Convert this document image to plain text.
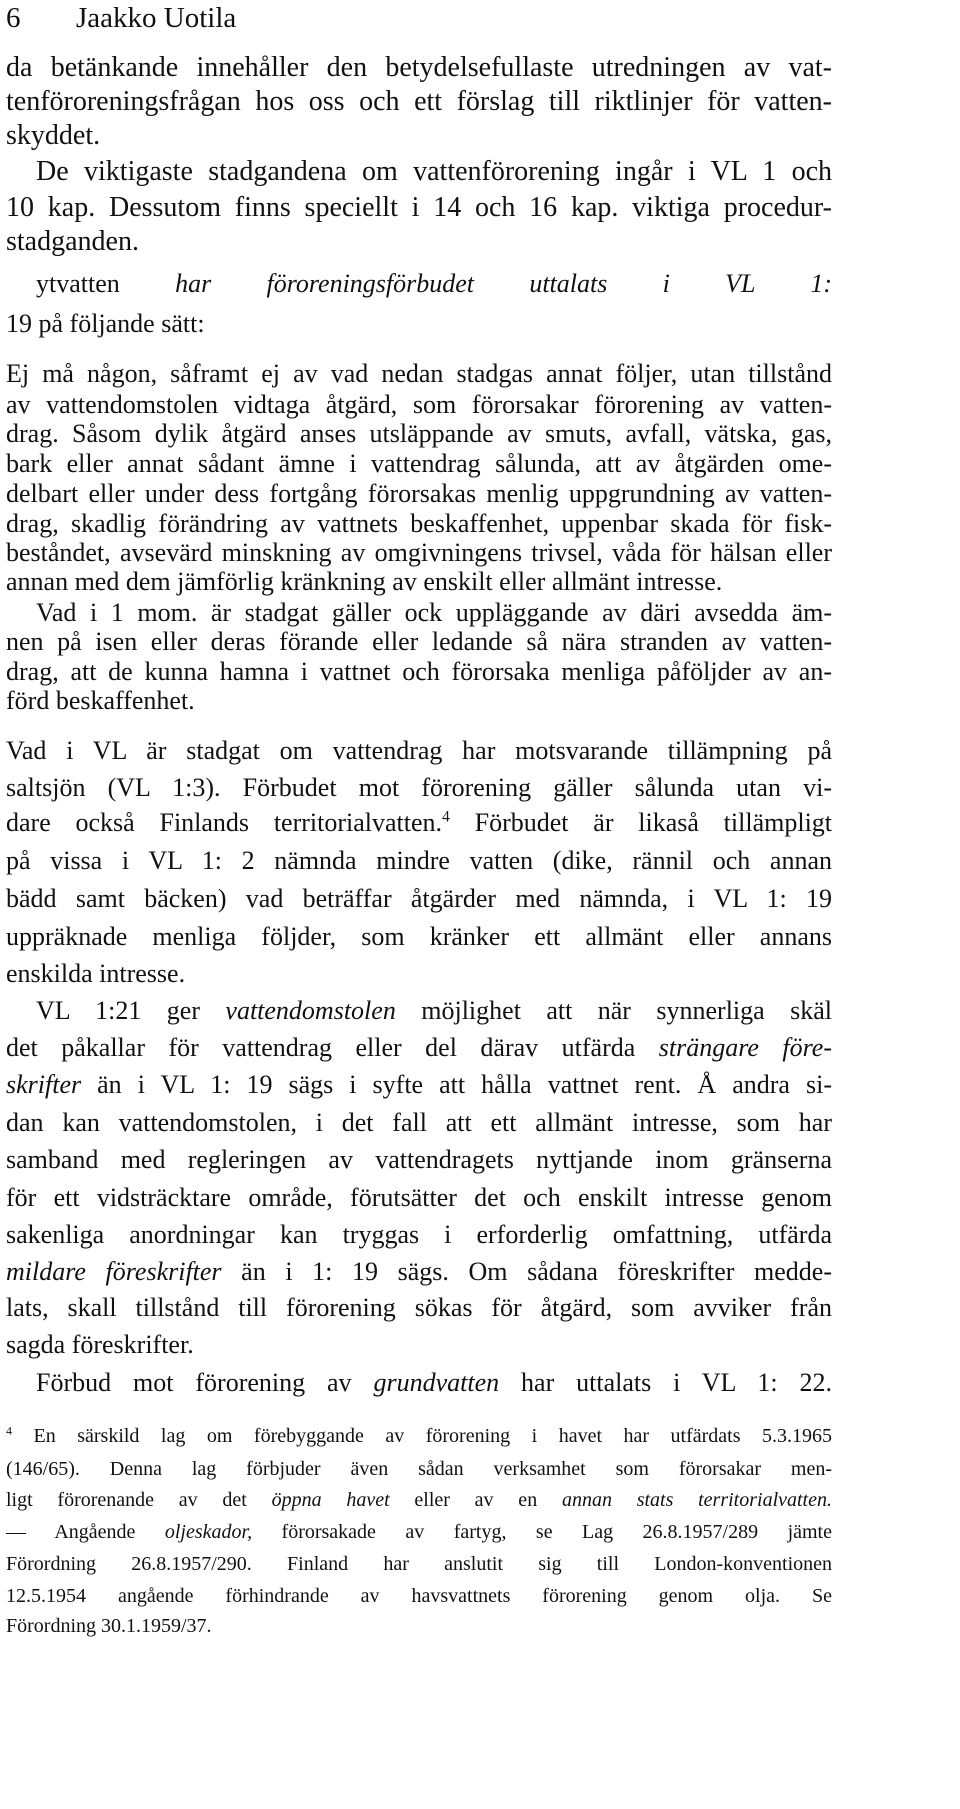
6 Jaakko Uotila
da betänkande innehåller den betydelsefullaste utredningen av vat-
tenföroreningsfrågan hos oss och ett förslag till riktlinjer för vatten-
skyddet.
De viktigaste stadgandena om vattenförorening ingår i VL 1 och
10 kap. Dessutom finns speciellt i 14 och 16 kap. viktiga procedur-
stadganden.
ytvatten har föroreningsförbudet uttalats i VL 1:
19 på följande sätt:
Ej må någon, såframt ej av vad nedan stadgas annat följer, utan tillstånd
av vattendomstolen vidtaga åtgärd, som förorsakar förorening av vatten-
drag. Såsom dylik åtgärd anses utsläppande av smuts, avfall, vätska, gas,
bark eller annat sådant ämne i vattendrag sålunda, att av åtgärden ome-
delbart eller under dess fortgång förorsakas menlig uppgrundning av vatten-
drag, skadlig förändring av vattnets beskaffenhet, uppenbar skada för fisk-
beståndet, avsevärd minskning av omgivningens trivsel, våda för hälsan eller
annan med dem jämförlig kränkning av enskilt eller allmänt intresse.
Vad i 1 mom. är stadgat gäller ock uppläggande av däri avsedda äm-
nen på isen eller deras förande eller ledande så nära stranden av vatten-
drag, att de kunna hamna i vattnet och förorsaka menliga påföljder av an-
förd beskaffenhet.
Vad i VL är stadgat om vattendrag har motsvarande tillämpning på
saltsjön (VL 1:3). Förbudet mot förorening gäller sålunda utan vi-
dare också Finlands territorialvatten.$^4$ Förbudet är likaså tillämpligt
på vissa i VL 1: 2 nämnda mindre vatten (dike, rännil och annan
bädd samt bäcken) vad beträffar åtgärder med nämnda, i VL 1: 19
uppräknade menliga följder, som kränker ett allmänt eller annans
enskilda intresse.
VL 1:21 ger vattendomstolen möjlighet att när synnerliga skäl
det påkallar för vattendrag eller del därav utfärda strängare före-
skrifter än i VL 1: 19 sägs i syfte att hålla vattnet rent. Å andra si-
dan kan vattendomstolen, i det fall att ett allmänt intresse, som har
samband med regleringen av vattendragets nyttjande inom gränserna
för ett vidsträcktare område, förutsätter det och enskilt intresse genom
sakenliga anordningar kan tryggas i erforderlig omfattning, utfärda
mildare föreskrifter än i 1: 19 sägs. Om sådana föreskrifter medde-
lats, skall tillstånd till förorening sökas för åtgärd, som avviker från
sagda föreskrifter.
Förbud mot förorening av grundvatten har uttalats i VL 1: 22.
$^4$ En särskild lag om förebyggande av förorening i havet har utfärdats 5.3.1965
(146/65). Denna lag förbjuder även sådan verksamhet som förorsakar men-
ligt förorenande av det öppna havet eller av en annan stats territorialvatten.
— Angående oljeskador, förorsakade av fartyg, se Lag 26.8.1957/289 jämte
Förordning 26.8.1957/290. Finland har anslutit sig till London-konventionen
12.5.1954 angående förhindrande av havsvattnets förorening genom olja. Se
Förordning 30.1.1959/37.
